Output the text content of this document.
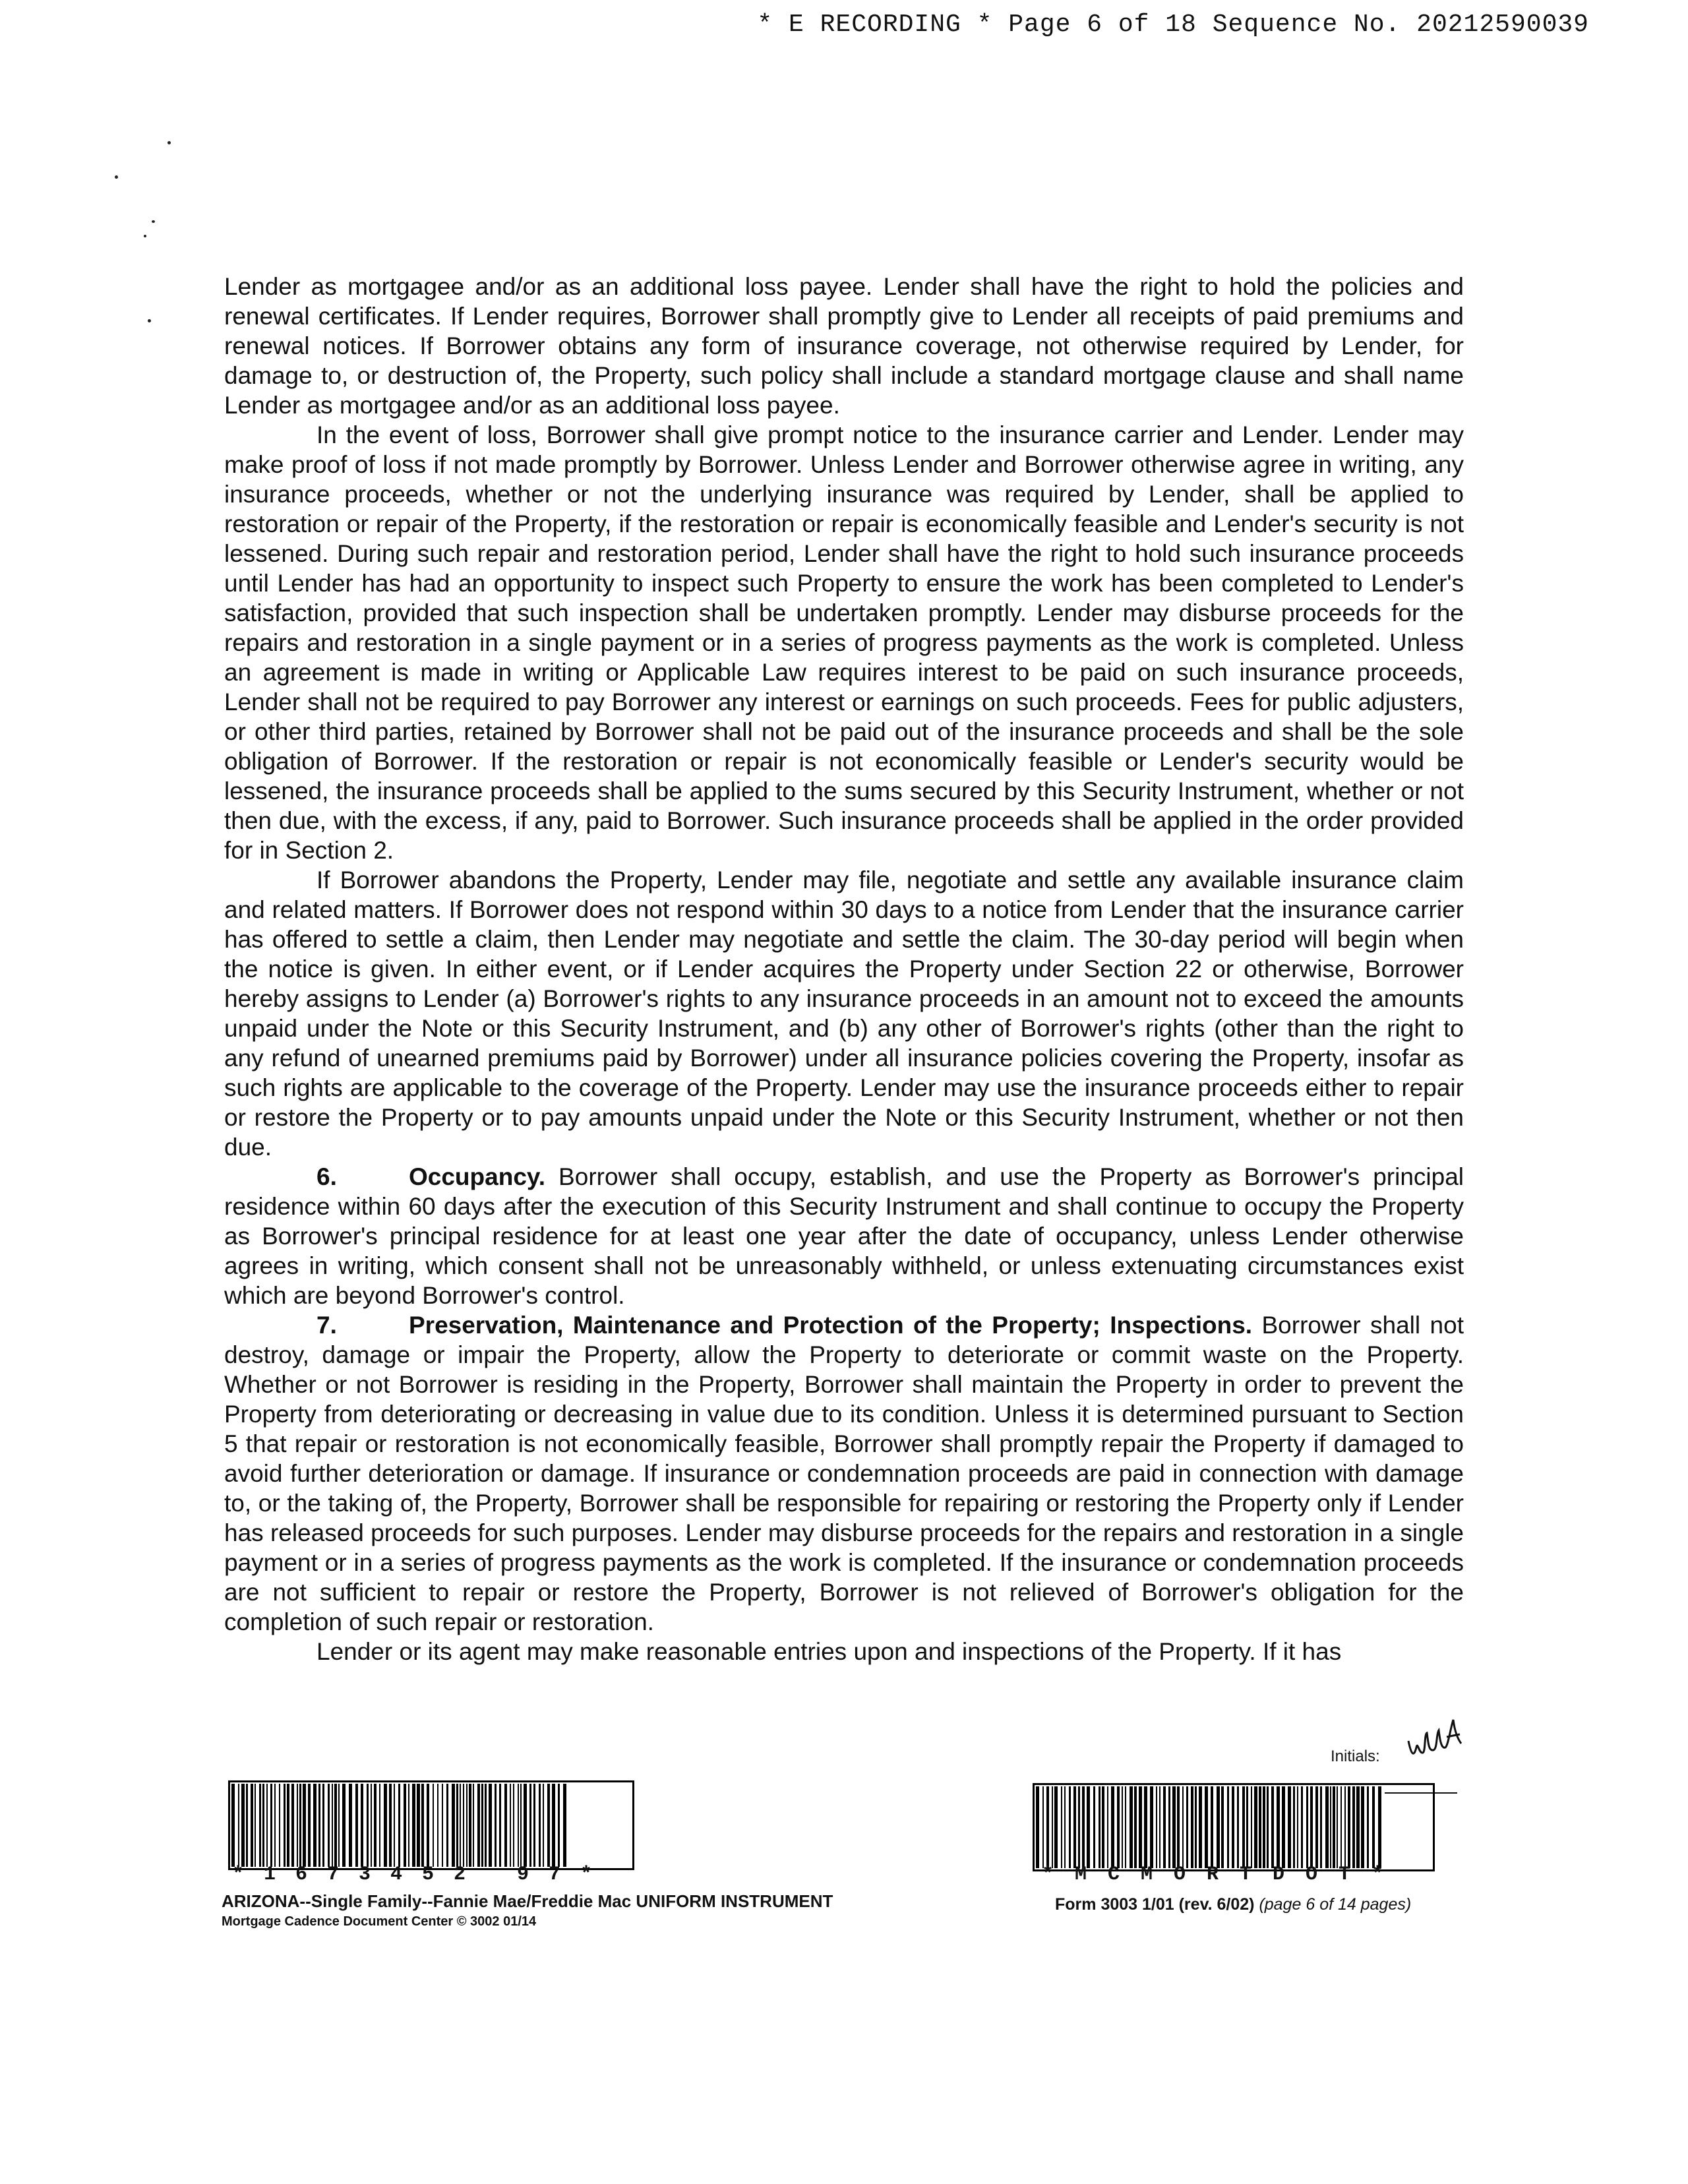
* E RECORDING * Page 6 of 18 Sequence No. 20212590039

Lender as mortgagee and/or as an additional loss payee. Lender shall have the right to hold the policies and renewal certificates. If Lender requires, Borrower shall promptly give to Lender all receipts of paid premiums and renewal notices. If Borrower obtains any form of insurance coverage, not otherwise required by Lender, for damage to, or destruction of, the Property, such policy shall include a standard mortgage clause and shall name Lender as mortgagee and/or as an additional loss payee.

In the event of loss, Borrower shall give prompt notice to the insurance carrier and Lender. Lender may make proof of loss if not made promptly by Borrower. Unless Lender and Borrower otherwise agree in writing, any insurance proceeds, whether or not the underlying insurance was required by Lender, shall be applied to restoration or repair of the Property, if the restoration or repair is economically feasible and Lender's security is not lessened. During such repair and restoration period, Lender shall have the right to hold such insurance proceeds until Lender has had an opportunity to inspect such Property to ensure the work has been completed to Lender's satisfaction, provided that such inspection shall be undertaken promptly. Lender may disburse proceeds for the repairs and restoration in a single payment or in a series of progress payments as the work is completed. Unless an agreement is made in writing or Applicable Law requires interest to be paid on such insurance proceeds, Lender shall not be required to pay Borrower any interest or earnings on such proceeds. Fees for public adjusters, or other third parties, retained by Borrower shall not be paid out of the insurance proceeds and shall be the sole obligation of Borrower. If the restoration or repair is not economically feasible or Lender's security would be lessened, the insurance proceeds shall be applied to the sums secured by this Security Instrument, whether or not then due, with the excess, if any, paid to Borrower. Such insurance proceeds shall be applied in the order provided for in Section 2.

If Borrower abandons the Property, Lender may file, negotiate and settle any available insurance claim and related matters. If Borrower does not respond within 30 days to a notice from Lender that the insurance carrier has offered to settle a claim, then Lender may negotiate and settle the claim. The 30-day period will begin when the notice is given. In either event, or if Lender acquires the Property under Section 22 or otherwise, Borrower hereby assigns to Lender (a) Borrower's rights to any insurance proceeds in an amount not to exceed the amounts unpaid under the Note or this Security Instrument, and (b) any other of Borrower's rights (other than the right to any refund of unearned premiums paid by Borrower) under all insurance policies covering the Property, insofar as such rights are applicable to the coverage of the Property. Lender may use the insurance proceeds either to repair or restore the Property or to pay amounts unpaid under the Note or this Security Instrument, whether or not then due.

6.	Occupancy. Borrower shall occupy, establish, and use the Property as Borrower's principal residence within 60 days after the execution of this Security Instrument and shall continue to occupy the Property as Borrower's principal residence for at least one year after the date of occupancy, unless Lender otherwise agrees in writing, which consent shall not be unreasonably withheld, or unless extenuating circumstances exist which are beyond Borrower's control.

7.	Preservation, Maintenance and Protection of the Property; Inspections. Borrower shall not destroy, damage or impair the Property, allow the Property to deteriorate or commit waste on the Property. Whether or not Borrower is residing in the Property, Borrower shall maintain the Property in order to prevent the Property from deteriorating or decreasing in value due to its condition. Unless it is determined pursuant to Section 5 that repair or restoration is not economically feasible, Borrower shall promptly repair the Property if damaged to avoid further deterioration or damage. If insurance or condemnation proceeds are paid in connection with damage to, or the taking of, the Property, Borrower shall be responsible for repairing or restoring the Property only if Lender has released proceeds for such purposes. Lender may disburse proceeds for the repairs and restoration in a single payment or in a series of progress payments as the work is completed. If the insurance or condemnation proceeds are not sufficient to repair or restore the Property, Borrower is not relieved of Borrower's obligation for the completion of such repair or restoration.

Lender or its agent may make reasonable entries upon and inspections of the Property. If it has

Initials:
*1673452 97*	*MCMORTDOT*
ARIZONA--Single Family--Fannie Mae/Freddie Mac UNIFORM INSTRUMENT
Mortgage Cadence Document Center © 3002 01/14
Form 3003 1/01 (rev. 6/02) (page 6 of 14 pages)
